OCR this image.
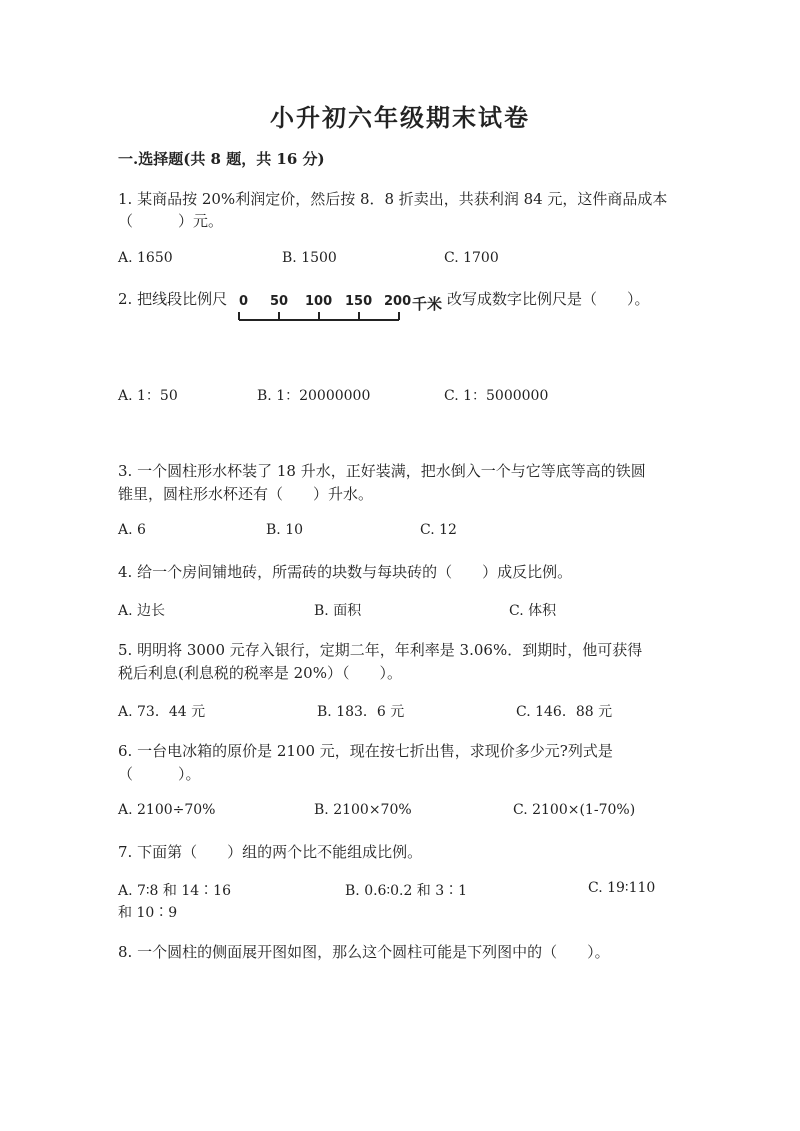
小升初六年级期末试卷
一.选择题(共 8 题，共 16 分)
1. 某商品按 20%利润定价，然后按 8．8 折卖出，共获利润 84 元，这件商品成本
（　　　）元。
A. 1650	B. 1500	C. 1700
2. 把线段比例尺 0 50 100 150 200 千米 改写成数字比例尺是（　　）。
A. 1：50	B. 1：20000000	C. 1：5000000
3. 一个圆柱形水杯装了 18 升水，正好装满，把水倒入一个与它等底等高的铁圆
锥里，圆柱形水杯还有（　　）升水。
A. 6	B. 10	C. 12
4. 给一个房间铺地砖，所需砖的块数与每块砖的（　　）成反比例。
A. 边长	B. 面积	C. 体积
5. 明明将 3000 元存入银行，定期二年，年利率是 3.06%．到期时，他可获得
税后利息(利息税的税率是 20%）（　　）。
A. 73．44 元	B. 183．6 元	C. 146．88 元
6. 一台电冰箱的原价是 2100 元，现在按七折出售，求现价多少元?列式是
（　　　）。
A. 2100÷70%	B. 2100×70%	C. 2100×(1-70%)
7. 下面第（　　）组的两个比不能组成比例。
A. 7∶8 和 14∶16	B. 0.6∶0.2 和 3∶1	C. 19∶110
和 10∶9
8. 一个圆柱的侧面展开图如图，那么这个圆柱可能是下列图中的（　　）。
